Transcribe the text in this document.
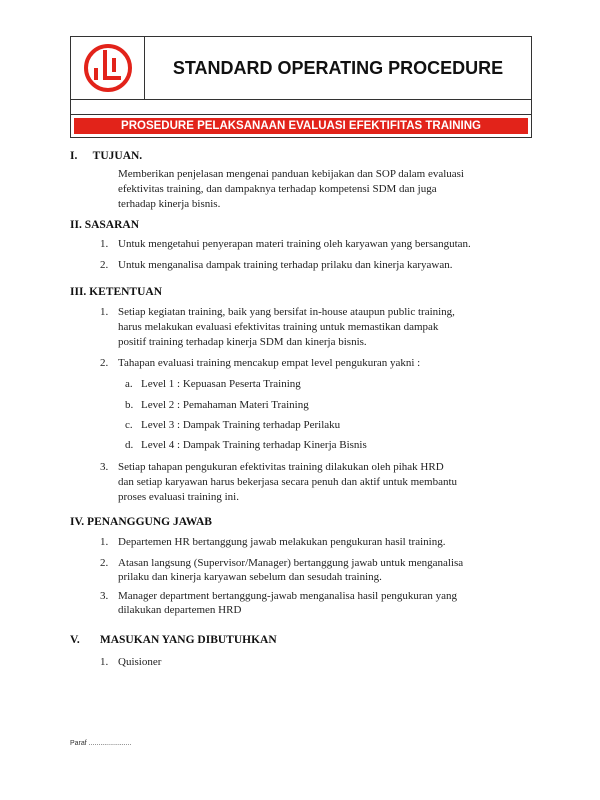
STANDARD OPERATING PROCEDURE
PROSEDURE PELAKSANAAN EVALUASI EFEKTIFITAS TRAINING
I. TUJUAN.
Memberikan penjelasan mengenai panduan kebijakan dan SOP dalam evaluasi
efektivitas training, dan dampaknya terhadap kompetensi SDM dan juga
terhadap kinerja bisnis.
II. SASARAN
1. Untuk mengetahui penyerapan materi training oleh karyawan yang bersangutan.
2. Untuk menganalisa dampak training terhadap prilaku dan kinerja karyawan.
III. KETENTUAN
1. Setiap kegiatan training, baik yang bersifat in-house ataupun public training,
harus melakukan evaluasi efektivitas training untuk memastikan dampak
positif training terhadap kinerja SDM dan kinerja bisnis.
2. Tahapan evaluasi training mencakup empat level pengukuran yakni :
a. Level 1 : Kepuasan Peserta Training
b. Level 2 : Pemahaman Materi Training
c. Level 3 : Dampak Training terhadap Perilaku
d. Level 4 : Dampak Training terhadap Kinerja Bisnis
3. Setiap tahapan pengukuran efektivitas training dilakukan oleh pihak HRD
dan setiap karyawan harus bekerjasa secara penuh dan aktif untuk membantu
proses evaluasi training ini.
IV. PENANGGUNG JAWAB
1. Departemen HR bertanggung jawab melakukan pengukuran hasil training.
2. Atasan langsung (Supervisor/Manager) bertanggung jawab untuk menganalisa
prilaku dan kinerja karyawan sebelum dan sesudah training.
3. Manager department bertanggung-jawab menganalisa hasil pengukuran yang
dilakukan departemen HRD
V. MASUKAN YANG DIBUTUHKAN
1. Quisioner
Paraf ......................
